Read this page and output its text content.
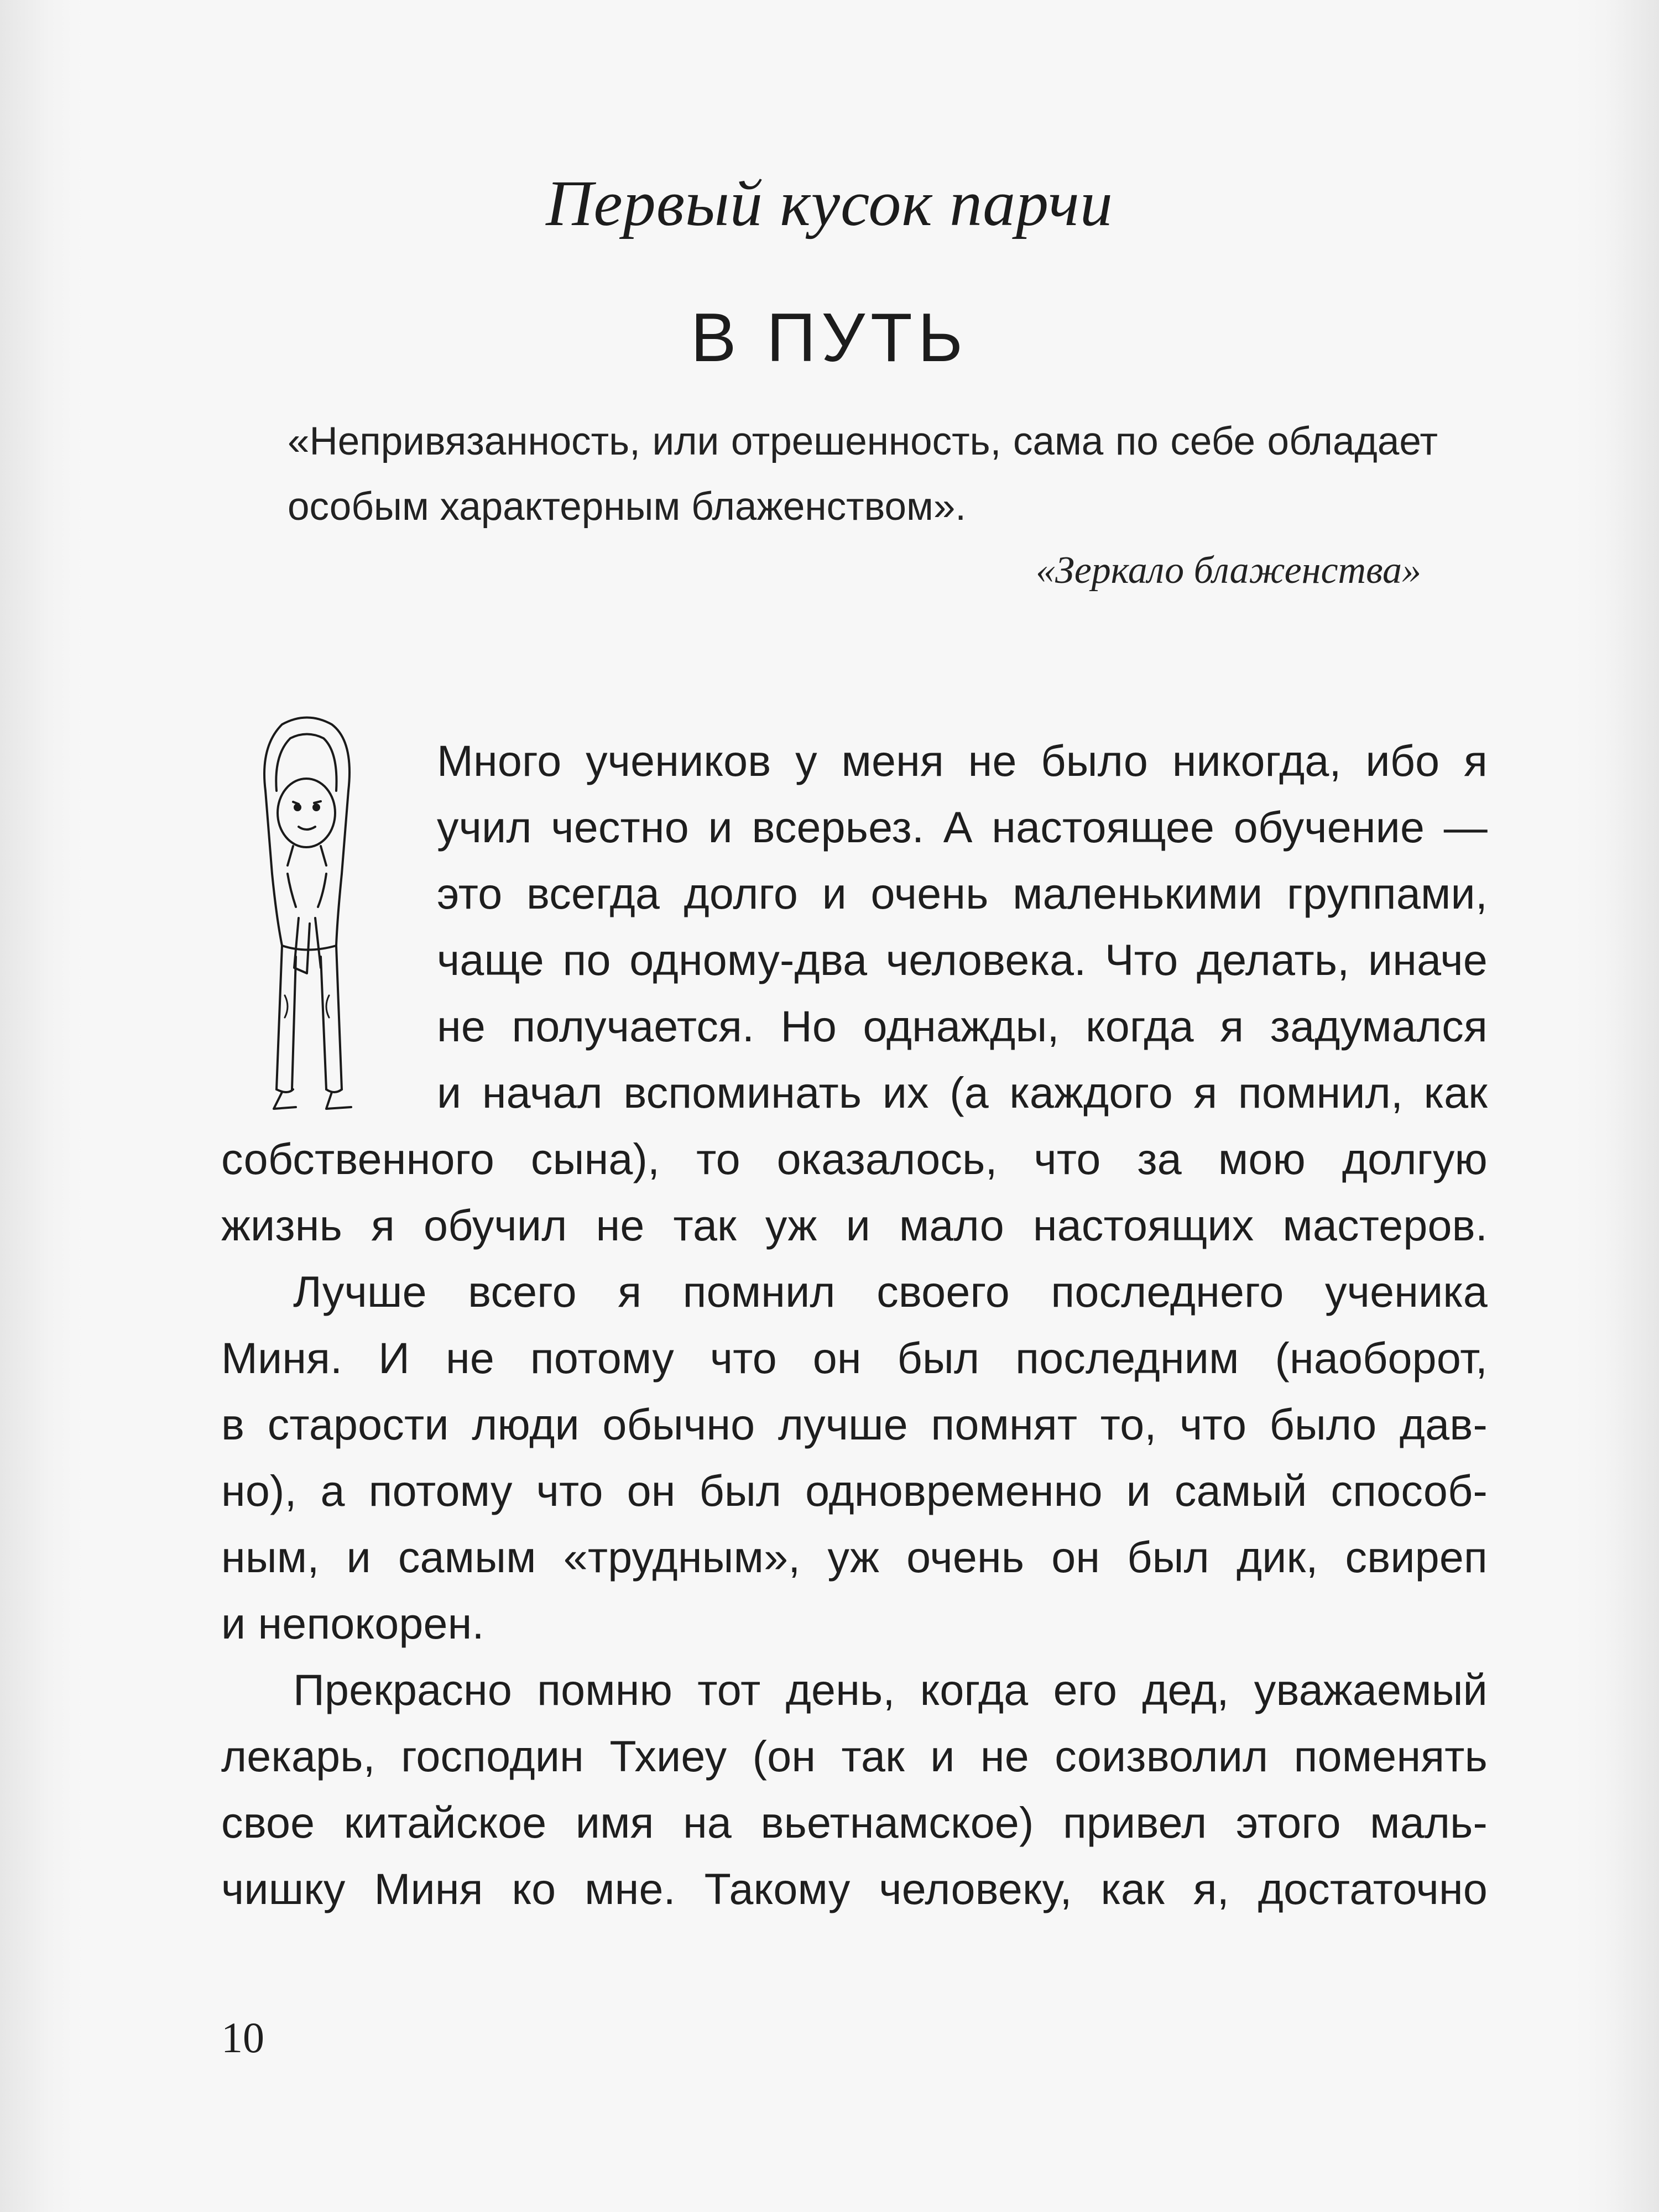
Первый кусок парчи
В ПУТЬ
«Непривязанность, или отрешенность, сама по себе обладает особым характерным блаженством».
«Зеркало блаженства»
Много учеников у меня не было никогда, ибо я
учил честно и всерьез. А настоящее обучение —
это всегда долго и очень маленькими группами,
чаще по одному-два человека. Что делать, иначе
не получается. Но однажды, когда я задумался
и начал вспоминать их (а каждого я помнил, как
собственного сына), то оказалось, что за мою долгую
жизнь я обучил не так уж и мало настоящих мастеров.
Лучше всего я помнил своего последнего ученика
Миня. И не потому что он был последним (наоборот,
в старости люди обычно лучше помнят то, что было дав-
но), а потому что он был одновременно и самый способ-
ным, и самым «трудным», уж очень он был дик, свиреп
и непокорен.
Прекрасно помню тот день, когда его дед, уважаемый
лекарь, господин Тхиеу (он так и не соизволил поменять
свое китайское имя на вьетнамское) привел этого маль-
чишку Миня ко мне. Такому человеку, как я, достаточно
10
